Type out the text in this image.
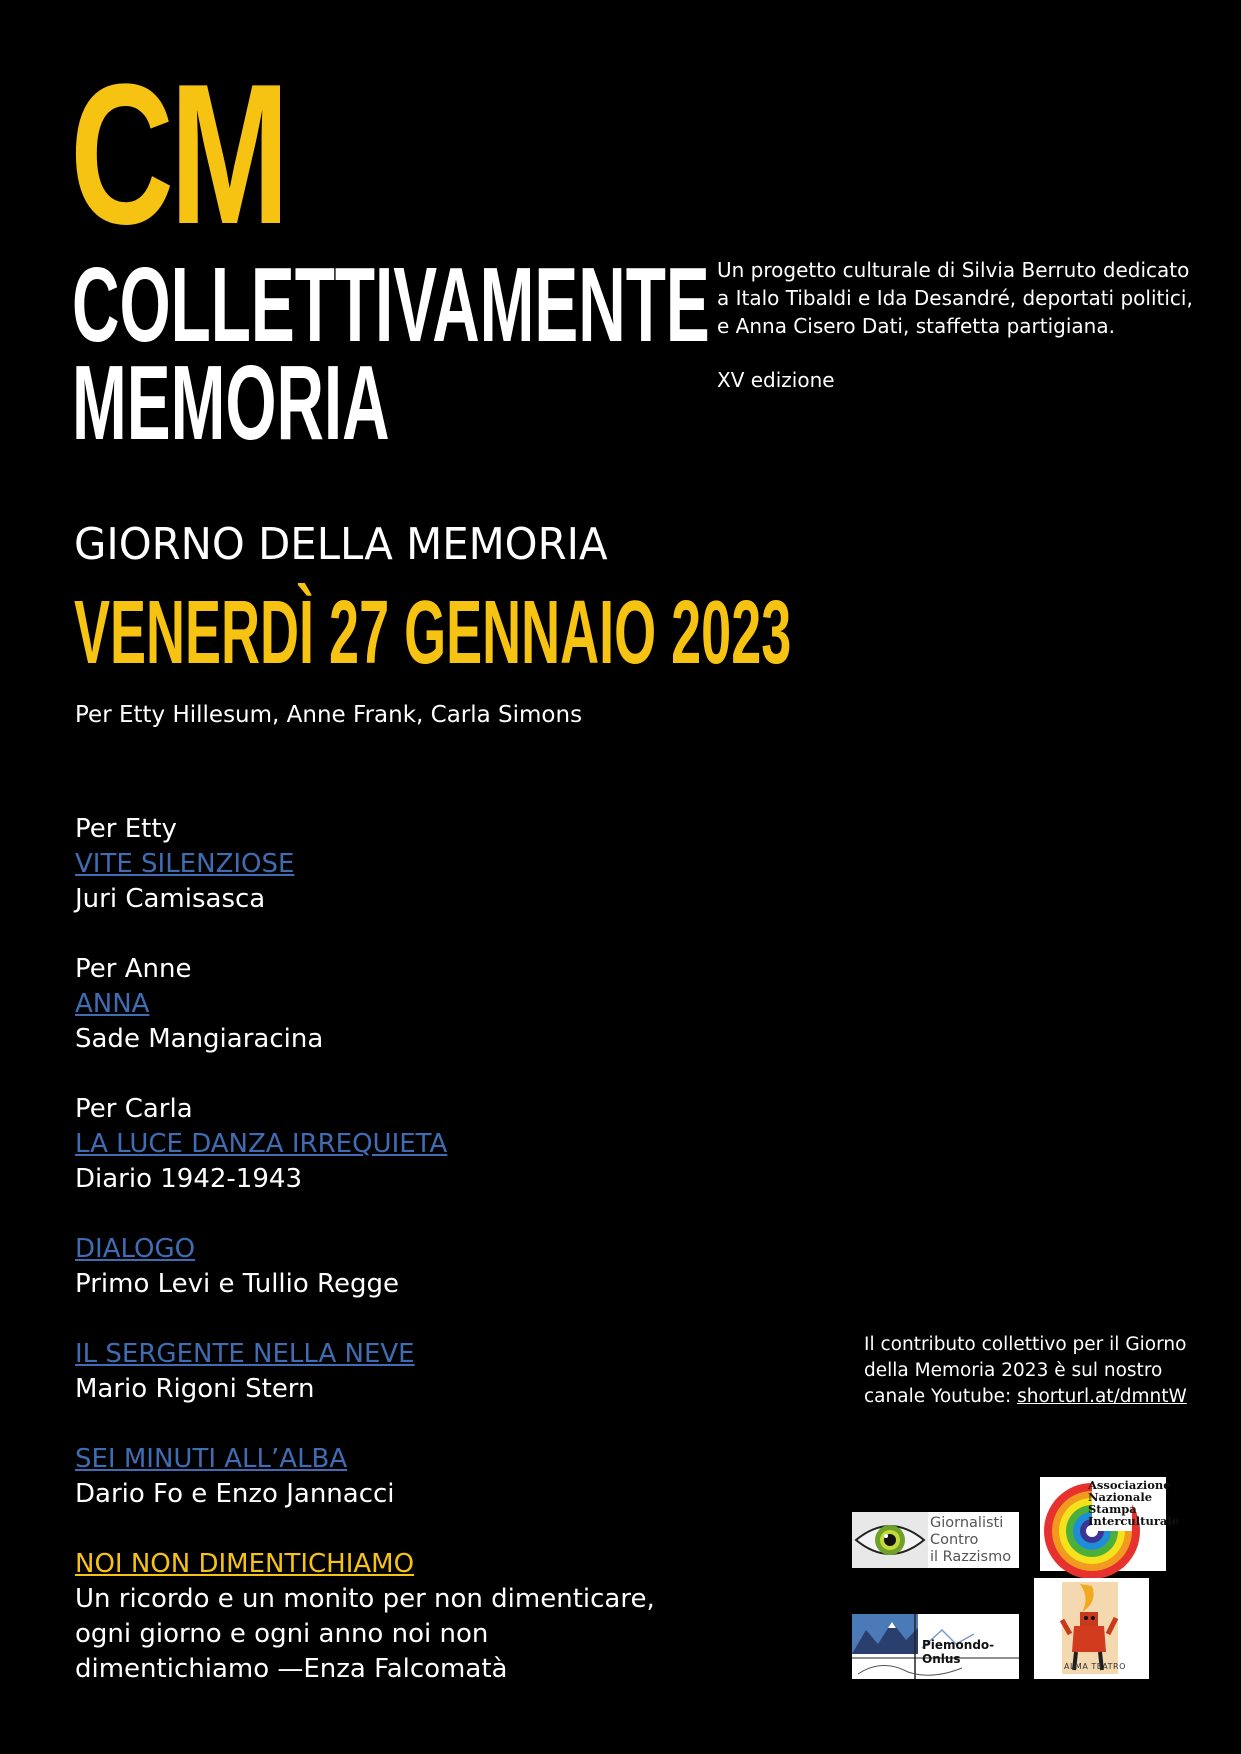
CM
COLLETTIVAMENTE
MEMORIA

Un progetto culturale di Silvia Berruto dedicato

a Italo Tibaldi e Ida Desandré, deportati politici,

e Anna Cisero Dati, staffetta partigiana.

XV edizione

GIORNO DELLA MEMORIA
VENERDÌ 27 GENNAIO 2023
Per Etty Hillesum, Anne Frank, Carla Simons
Per Etty
VITE SILENZIOSE
Juri Camisasca
Per Anne
ANNA
Sade Mangiaracina
Per Carla
LA LUCE DANZA IRREQUIETA
Diario 1942-1943
DIALOGO
Primo Levi e Tullio Regge
IL SERGENTE NELLA NEVE
Mario Rigoni Stern
SEI MINUTI ALL’ALBA
Dario Fo e Enzo Jannacci
NOI NON DIMENTICHIAMO
Un ricordo e un monito per non dimenticare,
ogni giorno e ogni anno noi non
dimentichiamo —Enza Falcomatà
Il contributo collettivo per il Giorno
della Memoria 2023 è sul nostro
canale Youtube: shorturl.at/dmntW
Giornalisti
Contro
il Razzismo
Associazione
Nazionale
Stampa
Interculturale
Piemondo-Onlus
ALMA TEATRO
